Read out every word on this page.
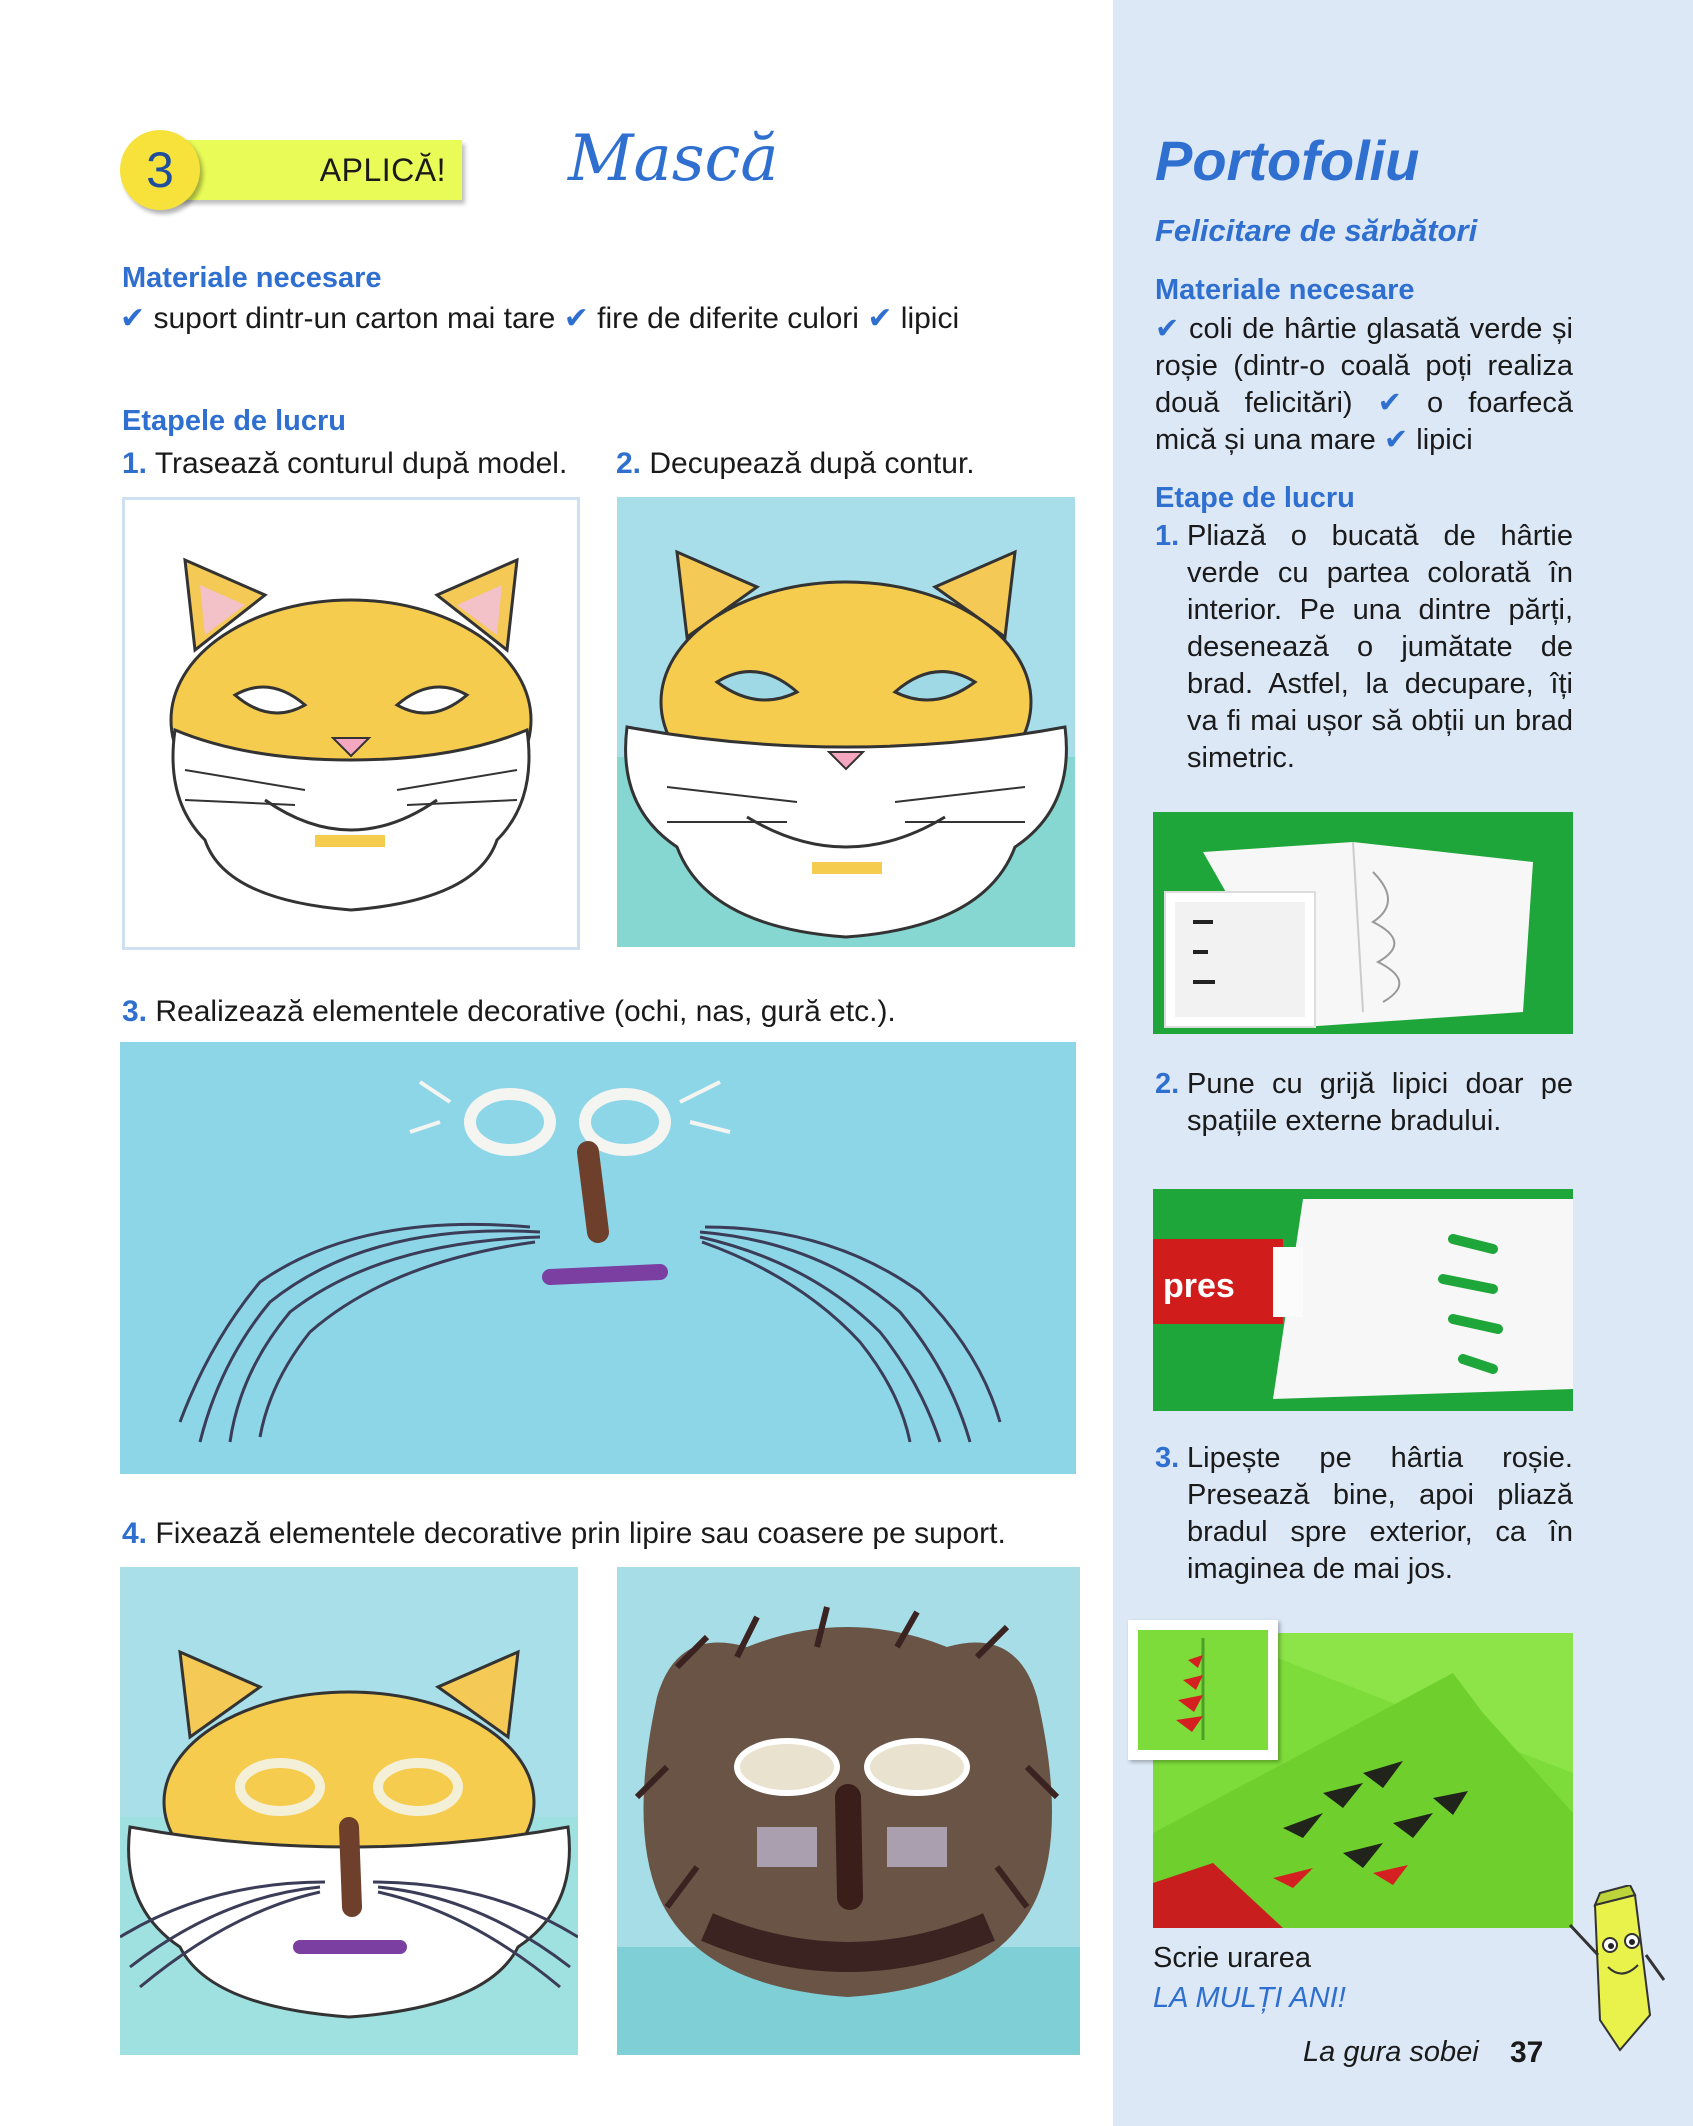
APLICĂ!
3	Mască
Materiale necesare
✔ suport dintr-un carton mai tare ✔ fire de diferite culori ✔ lipici
Etapele de lucru
1. Trasează conturul după model. 2. Decupează după contur.
3. Realizează elementele decorative (ochi, nas, gură etc.).
4. Fixează elementele decorative prin lipire sau coasere pe suport.
Portofoliu
Felicitare de sărbători
Materiale necesare
✔ coli de hârtie glasată verde și roșie (dintr-o coală poți realiza două felicitări) ✔ o foarfecă mică și una mare ✔ lipici
Etape de lucru
1. Pliază o bucată de hârtie verde cu partea colorată în interior. Pe una dintre părți, desenează o jumătate de brad. Astfel, la decupare, îți va fi mai ușor să obții un brad simetric.
2. Pune cu grijă lipici doar pe spațiile externe bradului.
pres
3. Lipește pe hârtia roșie. Presează bine, apoi pliază bradul spre exterior, ca în imaginea de mai jos.
Scrie urarea
LA MULȚI ANI!
La gura sobei 37
